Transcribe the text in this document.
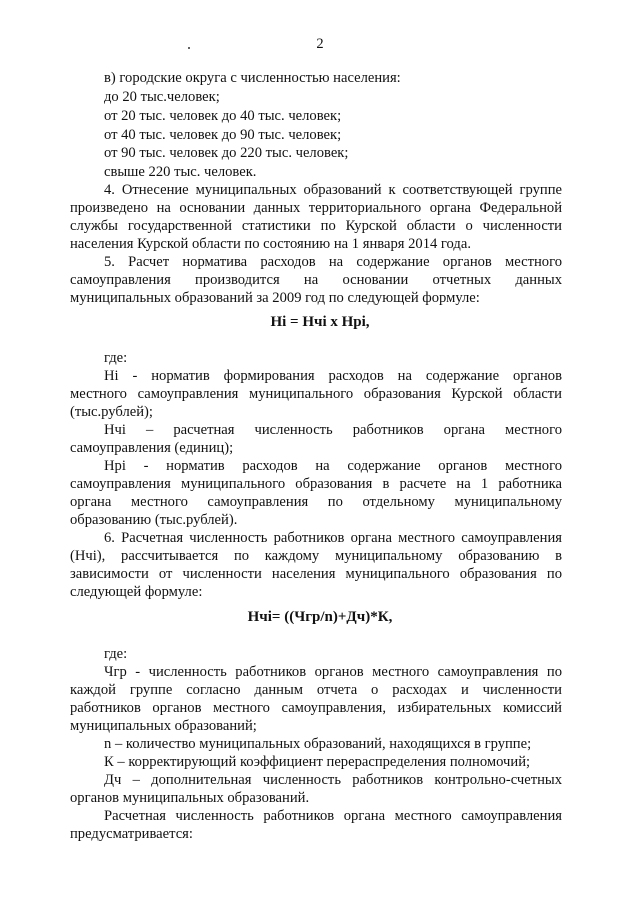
2
в) городские округа с численностью населения:
до 20 тыс.человек;
от 20 тыс. человек до 40 тыс. человек;
от 40 тыс. человек до 90 тыс. человек;
от 90 тыс. человек до 220 тыс. человек;
свыше 220 тыс. человек.
4. Отнесение муниципальных образований к соответствующей группе
произведено на основании данных территориального органа Федеральной
службы государственной статистики по Курской области о численности
населения Курской области по состоянию на 1 января 2014 года.
5. Расчет норматива расходов на содержание органов местного
самоуправления производится на основании отчетных данных
муниципальных образований за 2009 год по следующей формуле:
Нi = Нчi x Нрi,
где:
Нi - норматив формирования расходов на содержание органов
местного самоуправления муниципального образования Курской области
(тыс.рублей);
Нчi – расчетная численность работников органа местного
самоуправления (единиц);
Нрi - норматив расходов на содержание органов местного
самоуправления муниципального образования в расчете на 1 работника
органа местного самоуправления по отдельному муниципальному
образованию (тыс.рублей).
6. Расчетная численность работников органа местного самоуправления
(Нчi), рассчитывается по каждому муниципальному образованию в
зависимости от численности населения муниципального образования по
следующей формуле:
Нчi= ((Чгр/n)+Дч)*К,
где:
Чгр - численность работников органов местного самоуправления по
каждой группе согласно данным отчета о расходах и численности
работников органов местного самоуправления, избирательных комиссий
муниципальных образований;
n – количество муниципальных образований, находящихся в группе;
К – корректирующий коэффициент перераспределения полномочий;
Дч – дополнительная численность работников контрольно-счетных
органов муниципальных образований.
Расчетная численность работников органа местного самоуправления
предусматривается:
